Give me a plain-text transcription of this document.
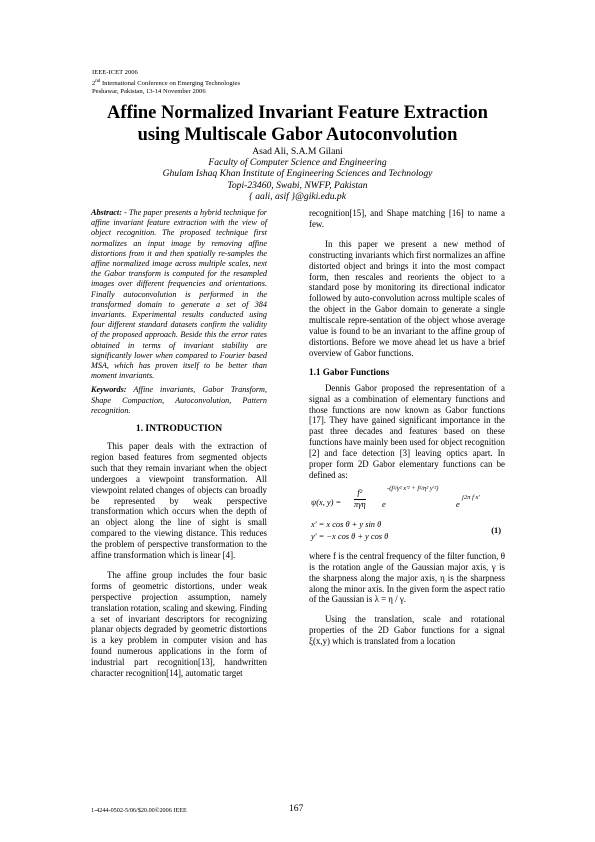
IEEE-ICET 2006
2nd International Conference on Emerging Technologies
Peshawar, Pakistan, 13-14 November 2006
Affine Normalized Invariant Feature Extraction
using Multiscale Gabor Autoconvolution
Asad Ali, S.A.M Gilani
Faculty of Computer Science and Engineering
Ghulam Ishaq Khan Institute of Engineering Sciences and Technology
Topi-23460, Swabi, NWFP, Pakistan
{ aali, asif }@giki.edu.pk

Abstract: - The paper presents a hybrid technique for affine invariant feature extraction with the view of object recognition. The proposed technique first normalizes an input image by removing affine distortions from it and then spatially re-samples the affine normalized image across multiple scales, next the Gabor transform is computed for the resampled images over different frequencies and orientations. Finally autoconvolution is performed in the transformed domain to generate a set of 384 invariants. Experimental results conducted using four different standard datasets confirm the validity of the proposed approach. Beside this the error rates obtained in terms of invariant stability are significantly lower when compared to Fourier based MSA, which has proven itself to be better than moment invariants.

Keywords: Affine invariants, Gabor Transform, Shape Compaction, Autoconvolution, Pattern recognition.

1. INTRODUCTION

This paper deals with the extraction of region based features from segmented objects such that they remain invariant when the object undergoes a viewpoint transformation. All viewpoint related changes of objects can broadly be represented by weak perspective transformation which occurs when the depth of an object along the line of sight is small compared to the viewing distance. This reduces the problem of perspective transformation to the affine transformation which is linear [4].

The affine group includes the four basic forms of geometric distortions, under weak perspective projection assumption, namely translation rotation, scaling and skewing. Finding a set of invariant descriptors for recognizing planar objects degraded by geometric distortions is a key problem in computer vision and has found numerous applications in the form of industrial part recognition[13], handwritten character recognition[14], automatic target

recognition[15], and Shape matching [16] to name a few.

In this paper we present a new method of constructing invariants which first normalizes an affine distorted object and brings it into the most compact form, then rescales and reorients the object to a standard pose by monitoring its directional indicator followed by auto-convolution across multiple scales of the object in the Gabor domain to generate a single multiscale repre-sentation of the object whose average value is found to be an invariant to the affine group of distortions. Before we move ahead let us have a brief overview of Gabor functions.

1.1 Gabor Functions

Dennis Gabor proposed the representation of a signal as a combination of elementary functions and those functions are now known as Gabor functions [17]. They have gained significant importance in the past three decades and features based on these functions have mainly been used for object recognition [2] and face detection [3] leaving optics apart. In proper form 2D Gabor elementary functions can be defined as:

ψ(x, y) =
f²
πγη e
-(f²/γ² x′² + f²/η² y′²)
e
j2π f x′
x′ = x cos θ + y sin θ
y′ = −x cos θ + y cos θ
(1)

where f is the central frequency of the filter function, θ is the rotation angle of the Gaussian major axis, γ is the sharpness along the major axis, η is the sharpness along the minor axis. In the given form the aspect ratio of the Gaussian is λ = η / γ.

Using the translation, scale and rotational properties of the 2D Gabor functions for a signal ξ(x,y) which is translated from a location

1-4244-0502-5/06/$20.00©2006 IEEE	167
